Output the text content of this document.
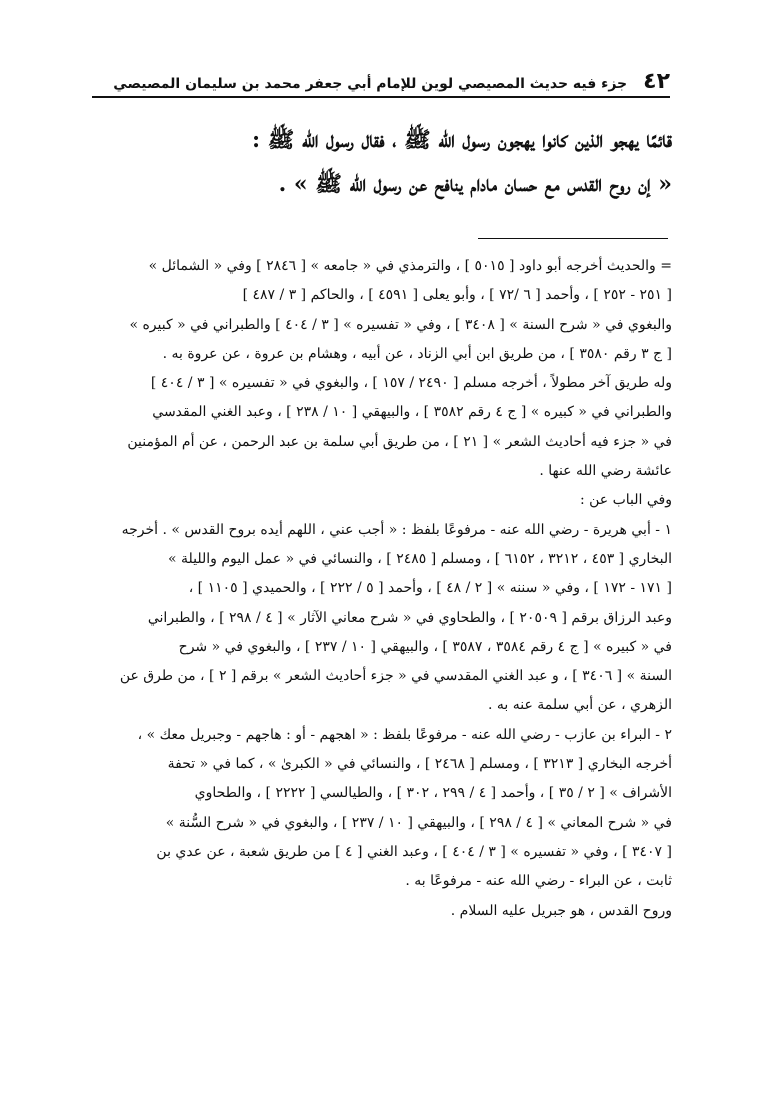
٤٢
جزء فيه حديث المصيصي لوين للإمام أبي جعفر محمد بن سليمان المصيصي

قائمًا يهجو الذين كانوا يهجون رسول الله ﷺ ، فقال رسول الله ﷺ :

« إن روح القدس مع حسان مادام ينافح عن رسول الله ﷺ » .

= والحديث أخرجه أبو داود [ ٥٠١٥ ] ، والترمذي في « جامعه » [ ٢٨٤٦ ] وفي « الشمائل »

[ ٢٥١ - ٢٥٢ ] ، وأحمد [ ٦ /٧٢ ] ، وأبو يعلى [ ٤٥٩١ ] ، والحاكم [ ٣ / ٤٨٧ ]

والبغوي في « شرح السنة » [ ٣٤٠٨ ] ، وفي « تفسيره » [ ٣ / ٤٠٤ ] والطبراني في « كبيره »

[ ج ٣ رقم ٣٥٨٠ ] ، من طريق ابن أبي الزناد ، عن أبيه ، وهشام بن عروة ، عن عروة به .

وله طريق آخر مطولاً ، أخرجه مسلم [ ٢٤٩٠ / ١٥٧ ] ، والبغوي في « تفسيره » [ ٣ / ٤٠٤ ]

والطبراني في « كبيره » [ ج ٤ رقم ٣٥٨٢ ] ، والبيهقي [ ١٠ / ٢٣٨ ] ، وعبد الغني المقدسي

في « جزء فيه أحاديث الشعر » [ ٢١ ] ، من طريق أبي سلمة بن عبد الرحمن ، عن أم المؤمنين

عائشة رضي الله عنها .

وفي الباب عن :

١ - أبي هريرة - رضي الله عنه - مرفوعًا بلفظ : « أجب عني ، اللهم أيده بروح القدس » . أخرجه

البخاري [ ٤٥٣ ، ٣٢١٢ ، ٦١٥٢ ] ، ومسلم [ ٢٤٨٥ ] ، والنسائي في « عمل اليوم والليلة »

[ ١٧١ - ١٧٢ ] ، وفي « سننه » [ ٢ / ٤٨ ] ، وأحمد [ ٥ / ٢٢٢ ] ، والحميدي [ ١١٠٥ ] ،

وعبد الرزاق برقم [ ٢٠٥٠٩ ] ، والطحاوي في « شرح معاني الآثار » [ ٤ / ٢٩٨ ] ، والطبراني

في « كبيره » [ ج ٤ رقم ٣٥٨٤ ، ٣٥٨٧ ] ، والبيهقي [ ١٠ / ٢٣٧ ] ، والبغوي في « شرح

السنة » [ ٣٤٠٦ ] ، و عبد الغني المقدسي في « جزء أحاديث الشعر » برقم [ ٢ ] ، من طرق عن

الزهري ، عن أبي سلمة عنه به .

٢ - البراء بن عازب - رضي الله عنه - مرفوعًا بلفظ : « اهجهم - أو : هاجهم - وجبريل معك » ،

أخرجه البخاري [ ٣٢١٣ ] ، ومسلم [ ٢٤٦٨ ] ، والنسائي في « الكبرىٰ » ، كما في « تحفة

الأشراف » [ ٢ / ٣٥ ] ، وأحمد [ ٤ / ٢٩٩ ، ٣٠٢ ] ، والطيالسي [ ٢٢٢٢ ] ، والطحاوي

في « شرح المعاني » [ ٤ / ٢٩٨ ] ، والبيهقي [ ١٠ / ٢٣٧ ] ، والبغوي في « شرح السُّنة »

[ ٣٤٠٧ ] ، وفي « تفسيره » [ ٣ / ٤٠٤ ] ، وعبد الغني [ ٤ ] من طريق شعبة ، عن عدي بن

ثابت ، عن البراء - رضي الله عنه - مرفوعًا به .

وروح القدس ، هو جبريل عليه السلام .
